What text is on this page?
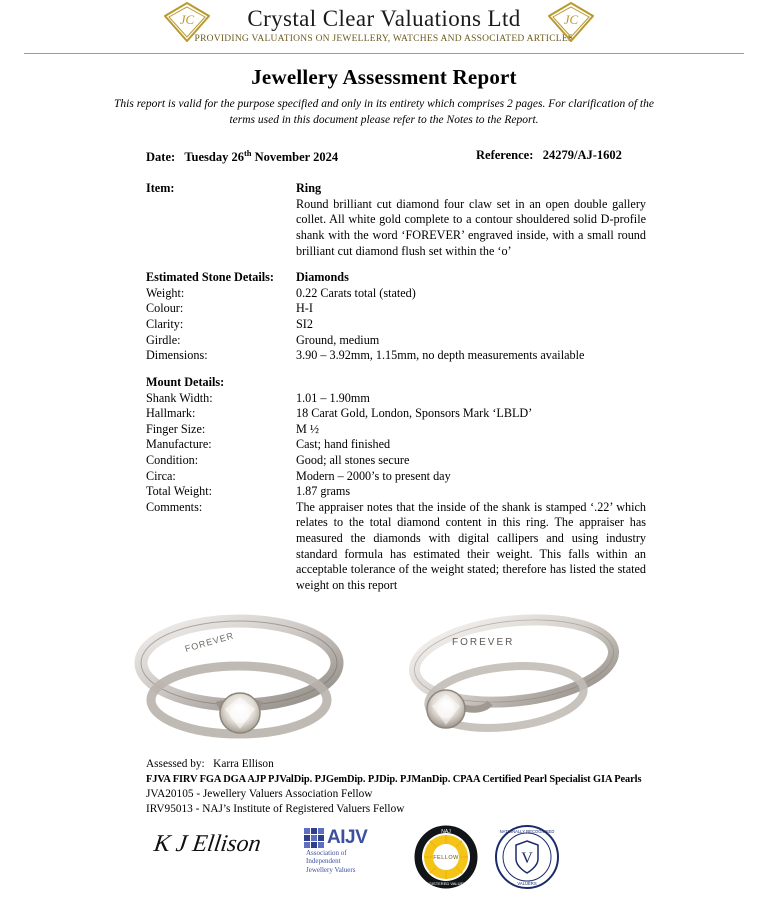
Crystal Clear Valuations Ltd
PROVIDING VALUATIONS ON JEWELLERY, WATCHES AND ASSOCIATED ARTICLES
JC	JC
Jewellery Assessment Report
This report is valid for the purpose specified and only in its entirety which comprises 2 pages. For clarification of the terms used in this document please refer to the Notes to the Report.
Date: Tuesday 26th November 2024	Reference: 24279/AJ-1602
Item:	Ring
Round brilliant cut diamond four claw set in an open double gallery collet. All white gold complete to a contour shouldered solid D-profile shank with the word ‘FOREVER’ engraved inside, with a small round brilliant cut diamond flush set within the ‘o’
Estimated Stone Details:	Diamonds
Weight:	0.22 Carats total (stated)
Colour:	H-I
Clarity:	SI2
Girdle:	Ground, medium
Dimensions:	3.90 – 3.92mm, 1.15mm, no depth measurements available
Mount Details:
Shank Width:	1.01 – 1.90mm
Hallmark:	18 Carat Gold, London, Sponsors Mark ‘LBLD’
Finger Size:	M ½
Manufacture:	Cast; hand finished
Condition:	Good; all stones secure
Circa:	Modern – 2000’s to present day
Total Weight:	1.87 grams
Comments:	The appraiser notes that the inside of the shank is stamped ‘.22’ which relates to the total diamond content in this ring. The appraiser has measured the diamonds with digital callipers and using industry standard formula has estimated their weight. This falls within an acceptable tolerance of the weight stated; therefore has listed the stated weight on this report
FOREVER	FOREVER
Assessed by: Karra Ellison
FJVA FIRV FGA DGA AJP PJValDip. PJGemDip. PJDip. PJManDip. CPAA Certified Pearl Specialist GIA Pearls
JVA20105 - Jewellery Valuers Association Fellow
IRV95013 - NAJ’s Institute of Registered Valuers Fellow
K J Ellison	AIJV
Association of
Independent
Jewellery Valuers
FELLOW
NAJ
REGISTERED VALUERS
V
NATIONALLY RECOGNISED
VALUERS
